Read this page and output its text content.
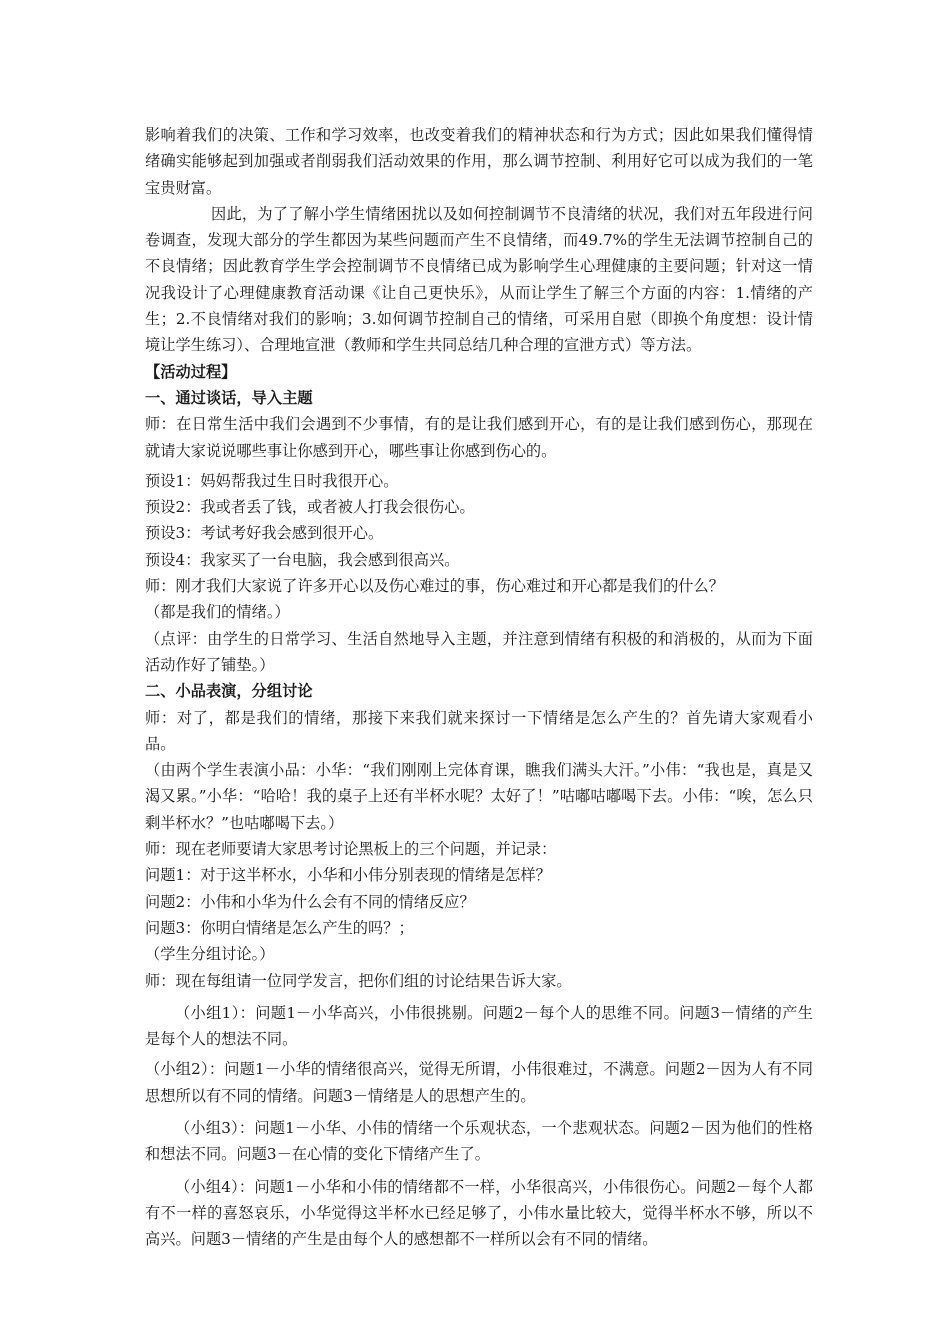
影响着我们的决策、工作和学习效率，也改变着我们的精神状态和行为方式；因此如果我们懂得情绪确实能够起到加强或者削弱我们活动效果的作用，那么调节控制、利用好它可以成为我们的一笔宝贵财富。

因此，为了了解小学生情绪困扰以及如何控制调节不良清绪的状况，我们对五年段进行问卷调查，发现大部分的学生都因为某些问题而产生不良情绪，而49.7%的学生无法调节控制自己的不良情绪；因此教育学生学会控制调节不良情绪已成为影响学生心理健康的主要问题；针对这一情况我设计了心理健康教育活动课《让自己更快乐》，从而让学生了解三个方面的内容：1.情绪的产生；2.不良情绪对我们的影响；3.如何调节控制自己的情绪，可采用自慰（即换个角度想：设计情境让学生练习）、合理地宣泄（教师和学生共同总结几种合理的宣泄方式）等方法。

【活动过程】

一、通过谈话，导入主题

师：在日常生活中我们会遇到不少事情，有的是让我们感到开心，有的是让我们感到伤心，那现在就请大家说说哪些事让你感到开心，哪些事让你感到伤心的。

预设1：妈妈帮我过生日时我很开心。

预设2：我或者丢了钱，或者被人打我会很伤心。

预设3：考试考好我会感到很开心。

预设4：我家买了一台电脑，我会感到很高兴。

师：刚才我们大家说了许多开心以及伤心难过的事，伤心难过和开心都是我们的什么？

（都是我们的情绪。）

（点评：由学生的日常学习、生活自然地导入主题，并注意到情绪有积极的和消极的，从而为下面活动作好了铺垫。）

二、小品表演，分组讨论

师：对了，都是我们的情绪，那接下来我们就来探讨一下情绪是怎么产生的？首先请大家观看小品。

（由两个学生表演小品：小华：“我们刚刚上完体育课，瞧我们满头大汗。”小伟：“我也是，真是又渴又累。”小华：“哈哈！我的桌子上还有半杯水呢？太好了！”咕嘟咕嘟喝下去。小伟：“唉，怎么只剩半杯水？”也咕嘟喝下去。）

师：现在老师要请大家思考讨论黑板上的三个问题，并记录：

问题1：对于这半杯水，小华和小伟分别表现的情绪是怎样？

问题2：小伟和小华为什么会有不同的情绪反应？

问题3：你明白情绪是怎么产生的吗？；

（学生分组讨论。）

师：现在每组请一位同学发言，把你们组的讨论结果告诉大家。

（小组1）：问题1－小华高兴，小伟很挑剔。问题2－每个人的思维不同。问题3－情绪的产生是每个人的想法不同。

（小组2）：问题1－小华的情绪很高兴，觉得无所谓，小伟很难过，不满意。问题2－因为人有不同思想所以有不同的情绪。问题3－情绪是人的思想产生的。

（小组3）：问题1－小华、小伟的情绪一个乐观状态，一个悲观状态。问题2－因为他们的性格和想法不同。问题3－在心情的变化下情绪产生了。

（小组4）：问题1－小华和小伟的情绪都不一样，小华很高兴，小伟很伤心。问题2－每个人都有不一样的喜怒哀乐，小华觉得这半杯水已经足够了，小伟水量比较大，觉得半杯水不够，所以不高兴。问题3－情绪的产生是由每个人的感想都不一样所以会有不同的情绪。
